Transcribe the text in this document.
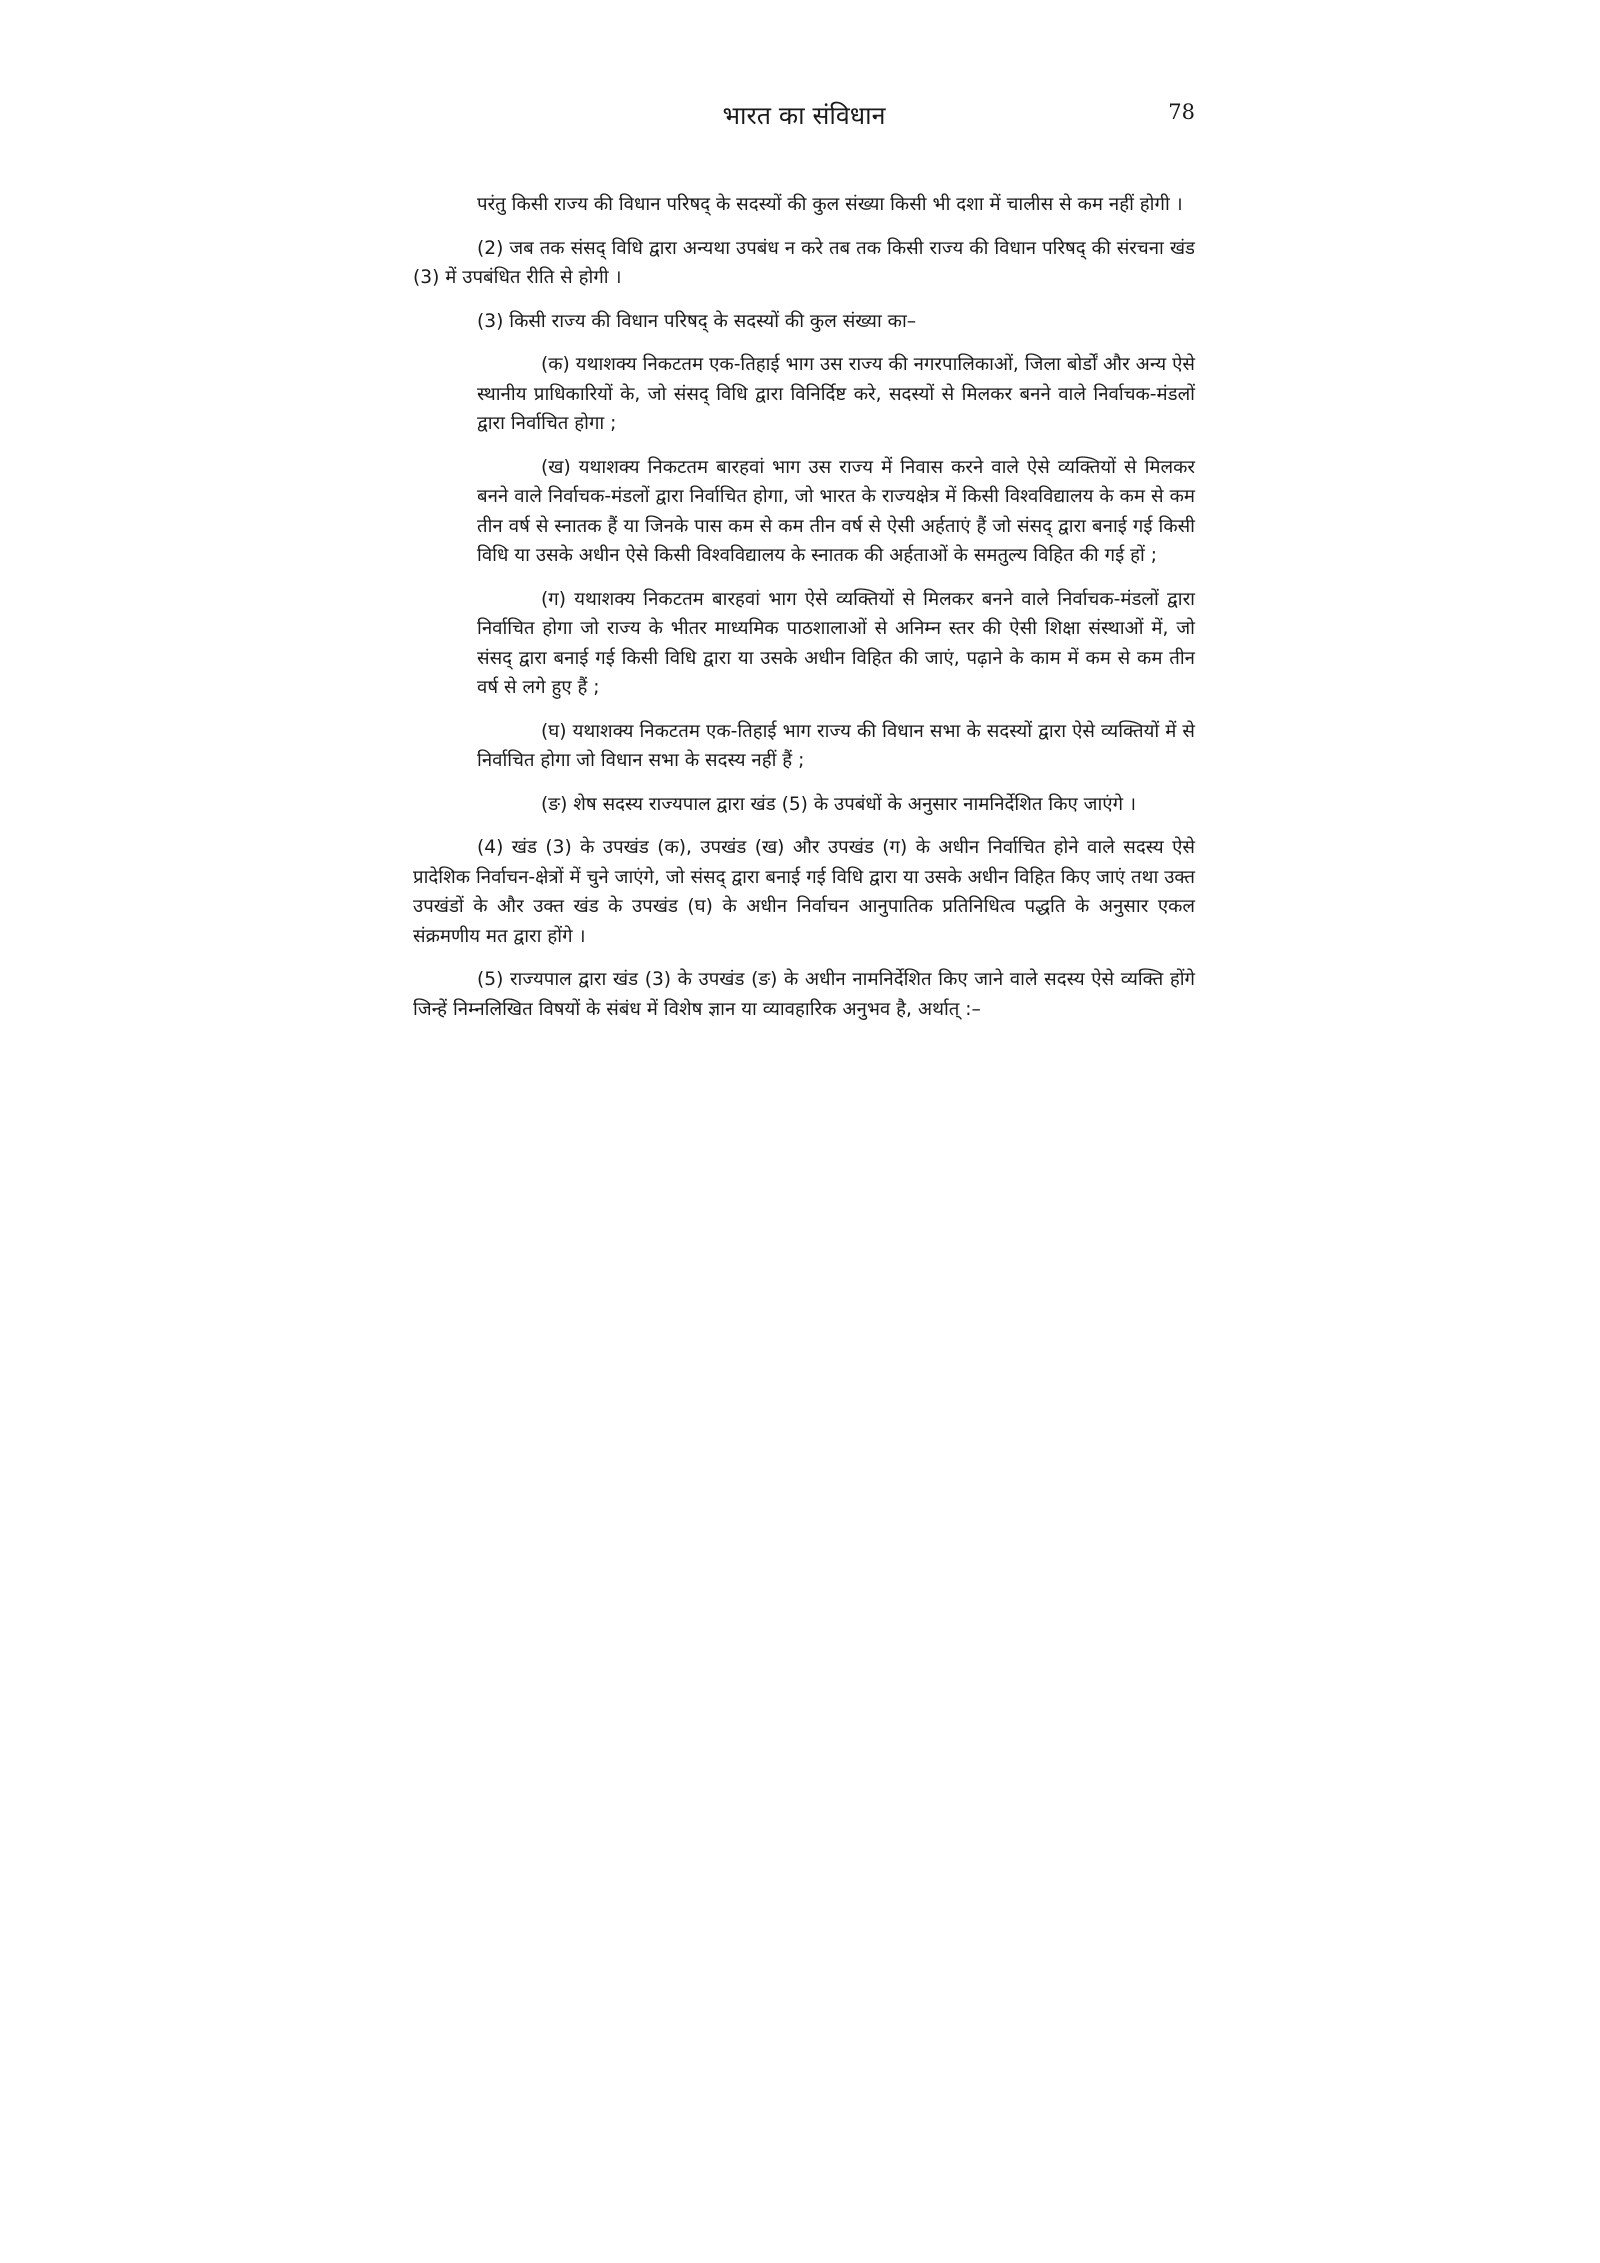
भारत का संविधान	78

परंतु किसी राज्य की विधान परिषद् के सदस्यों की कुल संख्या किसी भी दशा में चालीस से कम नहीं होगी ।

(2) जब तक संसद् विधि द्वारा अन्यथा उपबंध न करे तब तक किसी राज्य की विधान परिषद् की संरचना खंड (3) में उपबंधित रीति से होगी ।

(3) किसी राज्य की विधान परिषद् के सदस्यों की कुल संख्या का–

(क) यथाशक्य निकटतम एक-तिहाई भाग उस राज्य की नगरपालिकाओं, जिला बोर्डों और अन्य ऐसे स्थानीय प्राधिकारियों के, जो संसद् विधि द्वारा विनिर्दिष्ट करे, सदस्यों से मिलकर बनने वाले निर्वाचक-मंडलों द्वारा निर्वाचित होगा ;

(ख) यथाशक्य निकटतम बारहवां भाग उस राज्य में निवास करने वाले ऐसे व्यक्तियों से मिलकर बनने वाले निर्वाचक-मंडलों द्वारा निर्वाचित होगा, जो भारत के राज्यक्षेत्र में किसी विश्वविद्यालय के कम से कम तीन वर्ष से स्नातक हैं या जिनके पास कम से कम तीन वर्ष से ऐसी अर्हताएं हैं जो संसद् द्वारा बनाई गई किसी विधि या उसके अधीन ऐसे किसी विश्वविद्यालय के स्नातक की अर्हताओं के समतुल्य विहित की गई हों ;

(ग) यथाशक्य निकटतम बारहवां भाग ऐसे व्यक्तियों से मिलकर बनने वाले निर्वाचक-मंडलों द्वारा निर्वाचित होगा जो राज्य के भीतर माध्यमिक पाठशालाओं से अनिम्न स्तर की ऐसी शिक्षा संस्थाओं में, जो संसद् द्वारा बनाई गई किसी विधि द्वारा या उसके अधीन विहित की जाएं, पढ़ाने के काम में कम से कम तीन वर्ष से लगे हुए हैं ;

(घ) यथाशक्य निकटतम एक-तिहाई भाग राज्य की विधान सभा के सदस्यों द्वारा ऐसे व्यक्तियों में से निर्वाचित होगा जो विधान सभा के सदस्य नहीं हैं ;

(ङ) शेष सदस्य राज्यपाल द्वारा खंड (5) के उपबंधों के अनुसार नामनिर्देशित किए जाएंगे ।

(4) खंड (3) के उपखंड (क), उपखंड (ख) और उपखंड (ग) के अधीन निर्वाचित होने वाले सदस्य ऐसे प्रादेशिक निर्वाचन-क्षेत्रों में चुने जाएंगे, जो संसद् द्वारा बनाई गई विधि द्वारा या उसके अधीन विहित किए जाएं तथा उक्त उपखंडों के और उक्त खंड के उपखंड (घ) के अधीन निर्वाचन आनुपातिक प्रतिनिधित्व पद्धति के अनुसार एकल संक्रमणीय मत द्वारा होंगे ।

(5) राज्यपाल द्वारा खंड (3) के उपखंड (ङ) के अधीन नामनिर्देशित किए जाने वाले सदस्य ऐसे व्यक्ति होंगे जिन्हें निम्नलिखित विषयों के संबंध में विशेष ज्ञान या व्यावहारिक अनुभव है, अर्थात् :–
